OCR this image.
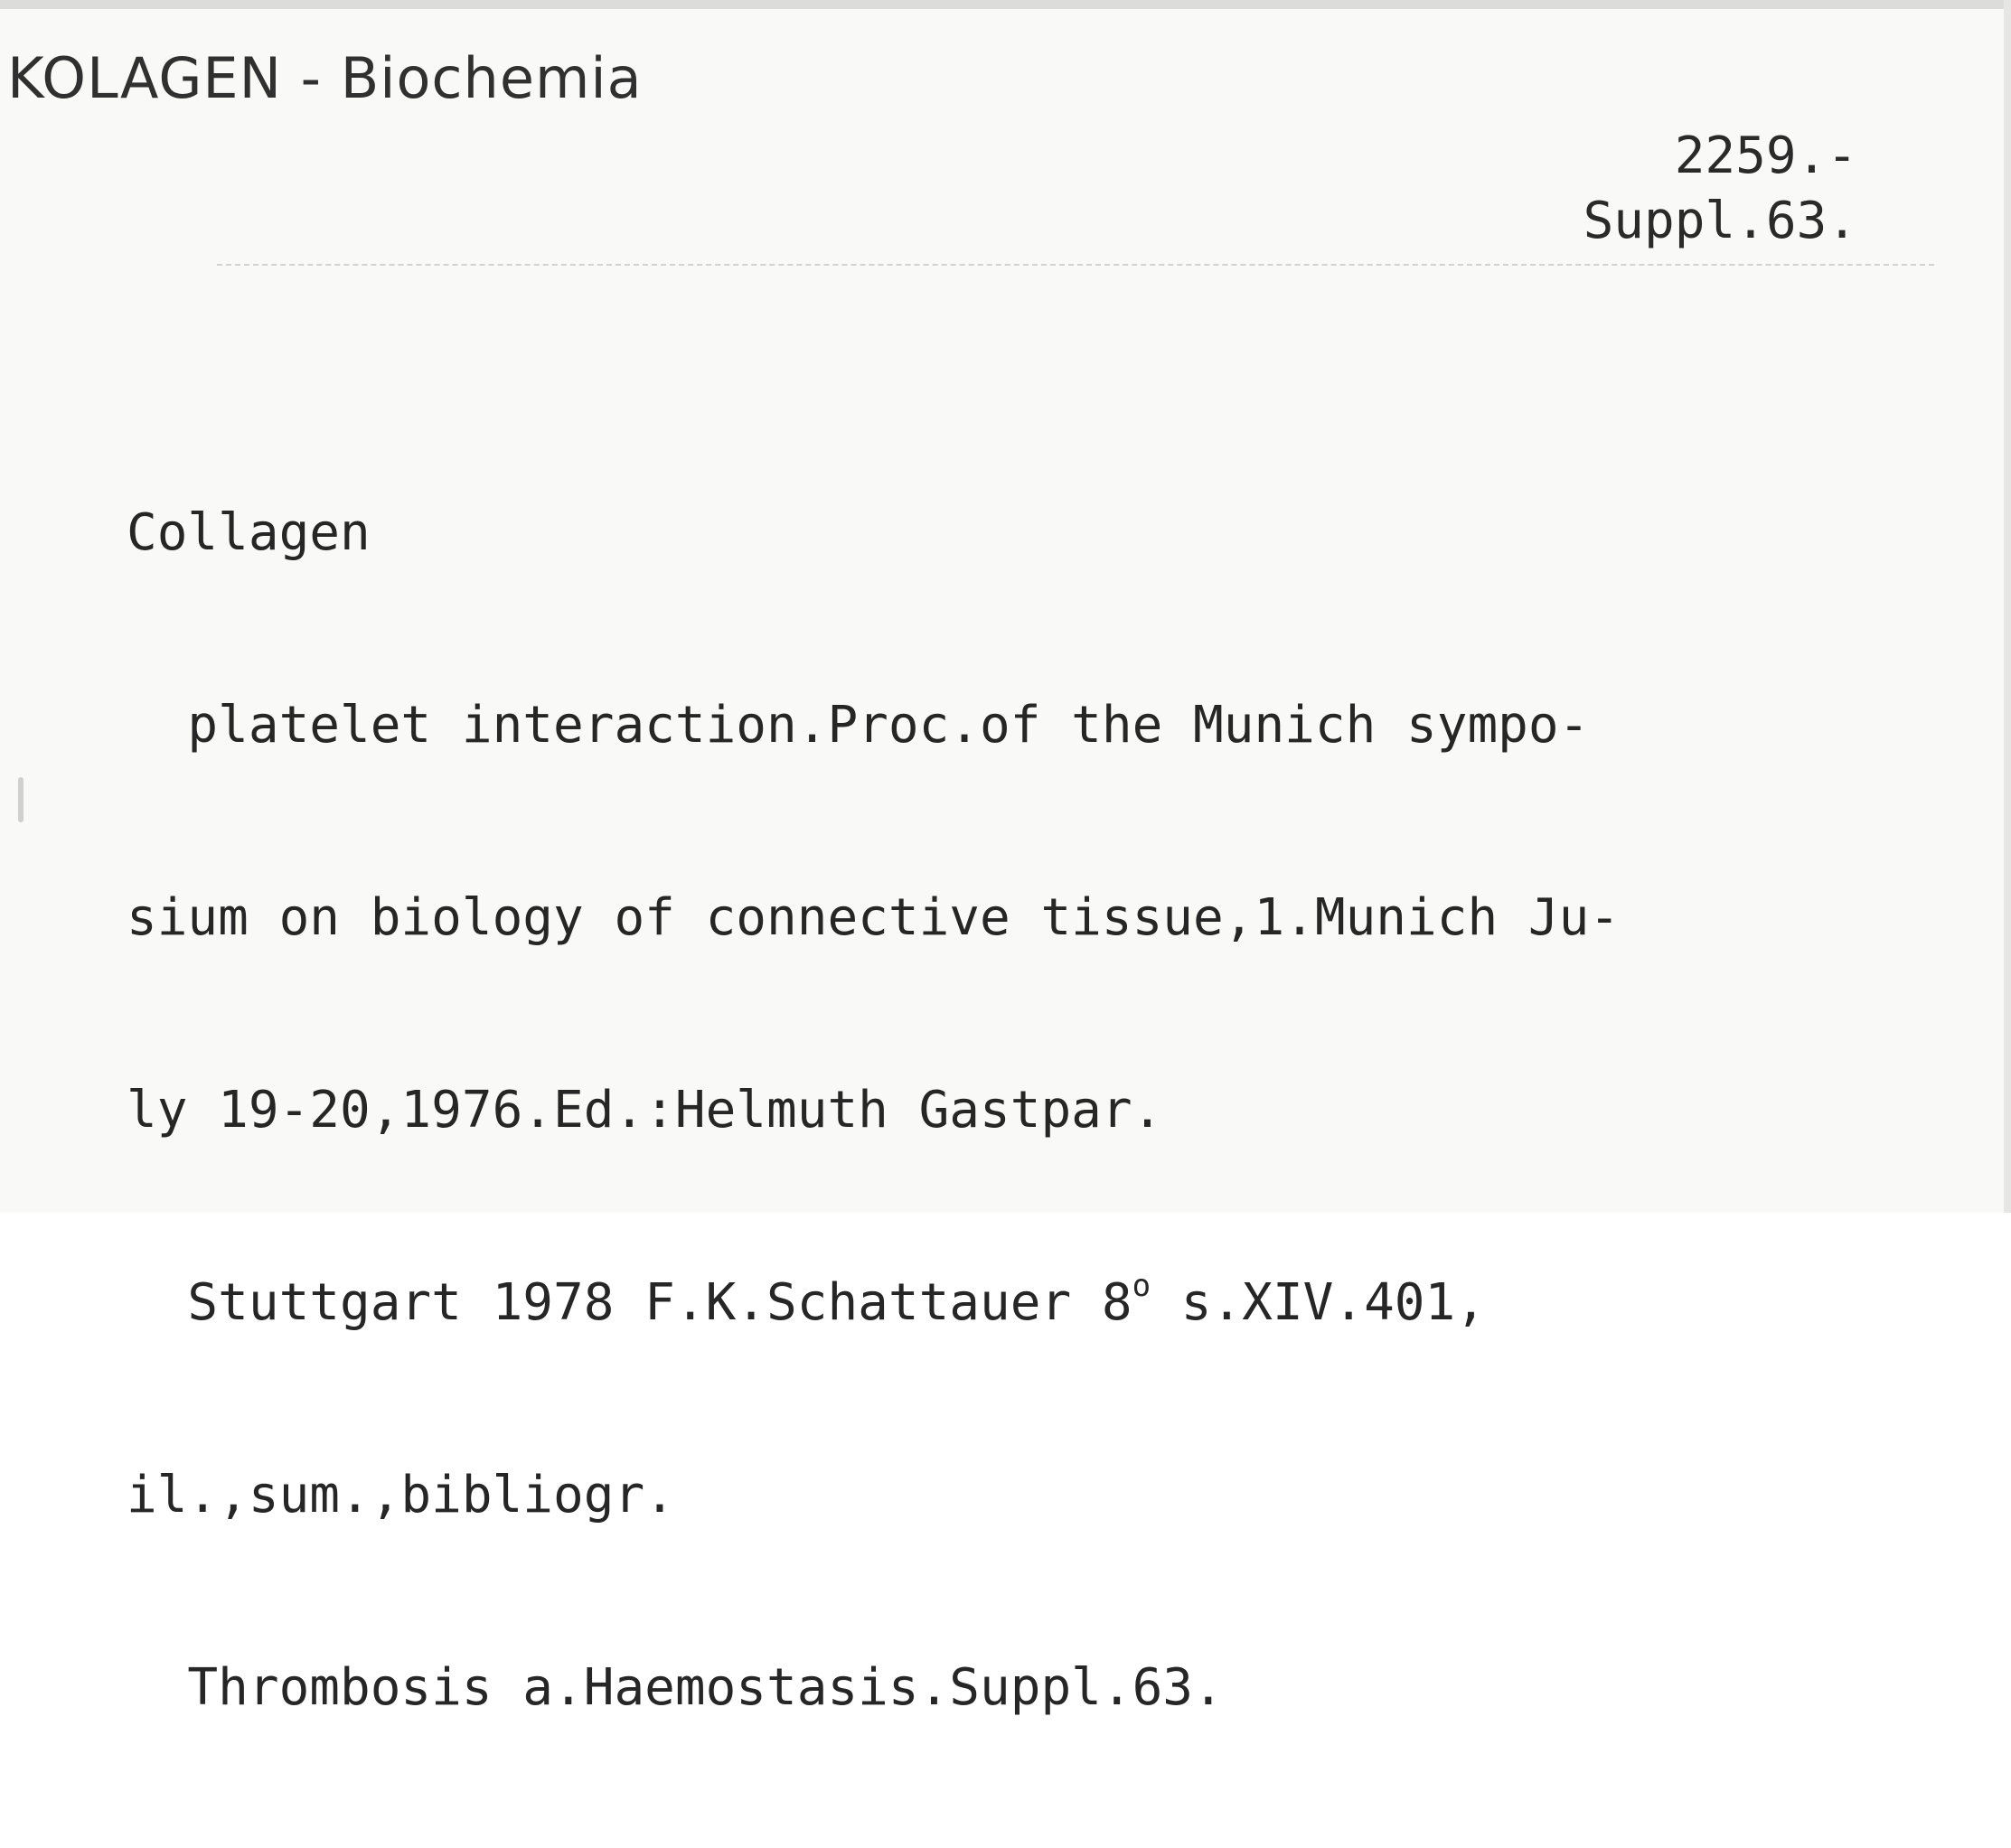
KOLAGEN - Biochemia
2259.-
Suppl.63.

Collagen

platelet interaction.Proc.of the Munich sympo-

sium on biology of connective tissue,1.Munich Ju-

ly 19-20,1976.Ed.:Helmuth Gastpar.

Stuttgart 1978 F.K.Schattauer 8$^o$ s.XIV.401,

il.,sum.,bibliogr.

Thrombosis a.Haemostasis.Suppl.63.
